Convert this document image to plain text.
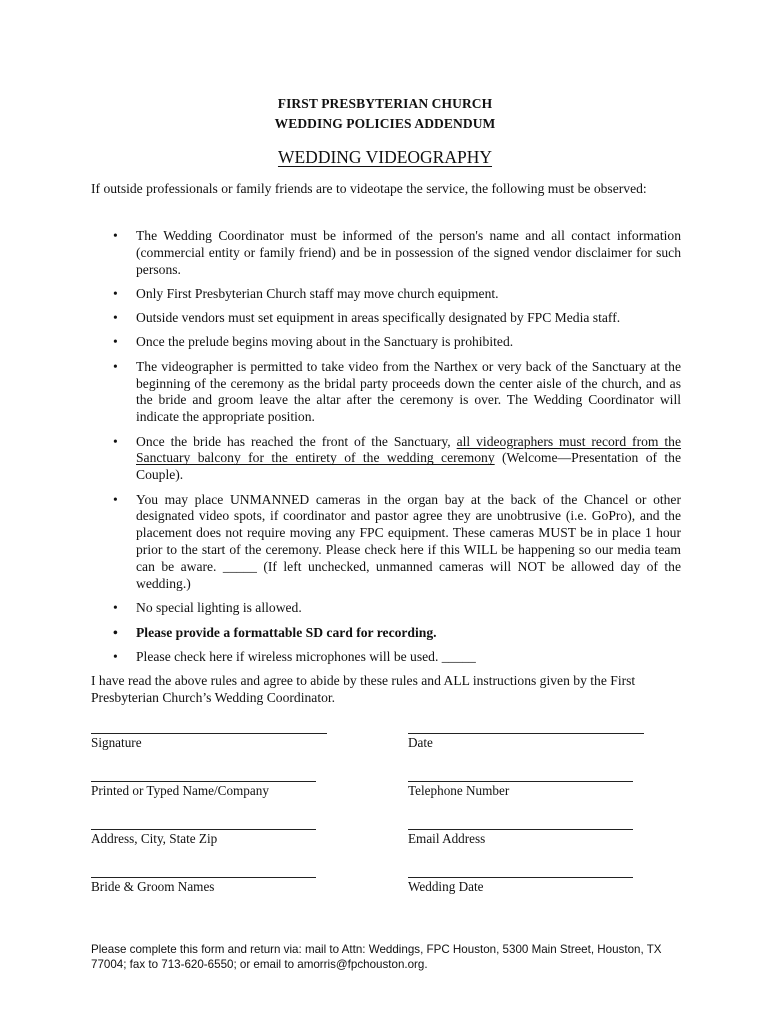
FIRST PRESBYTERIAN CHURCH
WEDDING POLICIES ADDENDUM
WEDDING VIDEOGRAPHY
If outside professionals or family friends are to videotape the service, the following must be observed:
• The Wedding Coordinator must be informed of the person's name and all contact information (commercial entity or family friend) and be in possession of the signed vendor disclaimer for such persons.
• Only First Presbyterian Church staff may move church equipment.
• Outside vendors must set equipment in areas specifically designated by FPC Media staff.
• Once the prelude begins moving about in the Sanctuary is prohibited.
• The videographer is permitted to take video from the Narthex or very back of the Sanctuary at the beginning of the ceremony as the bridal party proceeds down the center aisle of the church, and as the bride and groom leave the altar after the ceremony is over. The Wedding Coordinator will indicate the appropriate position.
• Once the bride has reached the front of the Sanctuary, all videographers must record from the Sanctuary balcony for the entirety of the wedding ceremony (Welcome—Presentation of the Couple).
• You may place UNMANNED cameras in the organ bay at the back of the Chancel or other designated video spots, if coordinator and pastor agree they are unobtrusive (i.e. GoPro), and the placement does not require moving any FPC equipment. These cameras MUST be in place 1 hour prior to the start of the ceremony. Please check here if this WILL be happening so our media team can be aware. _____ (If left unchecked, unmanned cameras will NOT be allowed day of the wedding.)
• No special lighting is allowed.
• Please provide a formattable SD card for recording.
• Please check here if wireless microphones will be used. _____
I have read the above rules and agree to abide by these rules and ALL instructions given by the First Presbyterian Church’s Wedding Coordinator.
Signature	Date
Printed or Typed Name/Company	Telephone Number
Address, City, State Zip	Email Address
Bride & Groom Names	Wedding Date
Please complete this form and return via: mail to Attn: Weddings, FPC Houston, 5300 Main Street, Houston, TX 77004; fax to 713-620-6550; or email to amorris@fpchouston.org.
